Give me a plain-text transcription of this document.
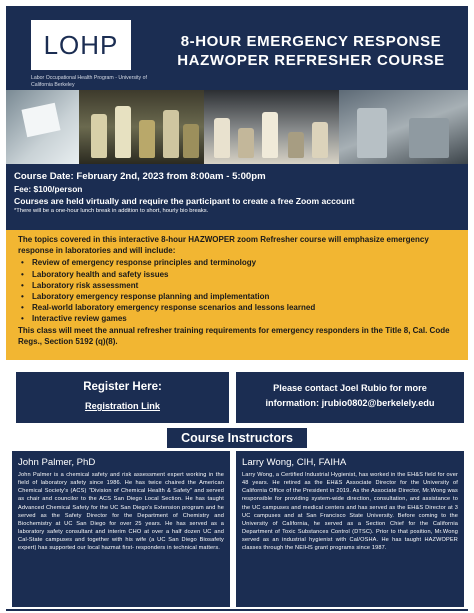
LOHP
Labor Occupational Health Program - University of California Berkeley
8-HOUR EMERGENCY RESPONSE
HAZWOPER REFRESHER COURSE
Course Date: February 2nd, 2023 from 8:00am - 5:00pm
Fee: $100/person
Courses are held virtually and require the participant to create a free Zoom account
*There will be a one-hour lunch break in addition to short, hourly bio breaks.
The topics covered in this interactive 8-hour HAZWOPER zoom Refresher course will emphasize emergency response in laboratories and will include:
• Review of emergency response principles and terminology
• Laboratory health and safety issues
• Laboratory risk assessment
• Laboratory emergency response planning and implementation
• Real-world laboratory emergency response scenarios and lessons learned
• Interactive review games
This class will meet the annual refresher training requirements for emergency responders in the Title 8, Cal. Code Regs., Section 5192 (q)(8).
Register Here:
Registration Link
Please contact Joel Rubio for more
information: jrubio0802@berkelely.edu
Course Instructors
John Palmer, PhD
John Palmer is a chemical safety and risk assessment expert working in the field of laboratory safety since 1986. He has twice chaired the American Chemical Society's (ACS) "Division of Chemical Health & Safety" and served as chair and councilor to the ACS San Diego Local Section. He has taught Advanced Chemical Safety for the UC San Diego's Extension program and he served as the Safety Director for the Department of Chemistry and Biochemistry at UC San Diego for over 25 years. He has served as a laboratory safety consultant and interim CHO at over a half dozen UC and Cal-State campuses and together with his wife (a UC San Diego Biosafety expert) has supported our local hazmat first- responders in technical matters.
Larry Wong, CIH, FAIHA
Larry Wong, a Certified Industrial Hygienist, has worked in the EH&S field for over 48 years. He retired as the EH&S Associate Director for the University of California Office of the President in 2019. As the Associate Director, Mr.Wong was responsible for providing system-wide direction, consultation, and assistance to the UC campuses and medical centers and has served as the EH&S Director at 3 UC campuses and at San Francisco State University. Before coming to the University of California, he served as a Section Chief for the California Department of Toxic Substances Control (DTSC). Prior to that position, Mr.Wong served as an industrial hygienist with Cal/OSHA. He has taught HAZWOPER classes through the NEIHS grant programs since 1987.
